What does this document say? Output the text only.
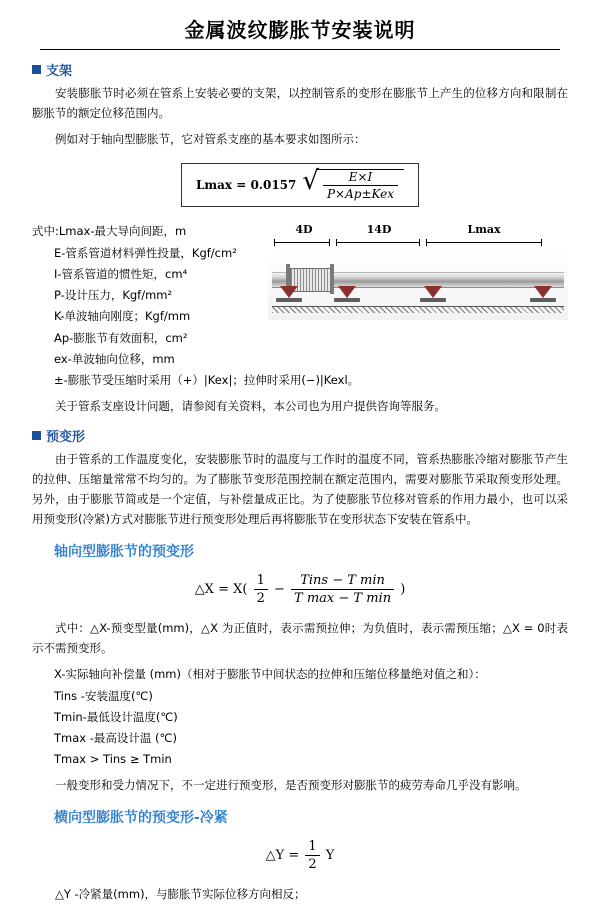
金属波纹膨胀节安装说明
支架

安装膨胀节时必须在管系上安装必要的支架，以控制管系的变形在膨胀节上产生的位移方向和限制在膨胀节的额定位移范围内。

例如对于轴向型膨胀节，它对管系支座的基本要求如图所示：

Lmax = 0.0157 √
$\frac{E\times I}{\text{P×Ap±Kex}}$
4D	14D	Lmax
式中:Lmax-最大导向间距，m
E-管系管道材料弹性投量，Kgf/cm²
I-管系管道的惯性矩，cm⁴
P-设计压力，Kgf/mm²
K-单波轴向刚度；Kgf/mm
Ap-膨胀节有效面积，cm²
ex-单波轴向位移，mm
±-膨胀节受压缩时采用（+）|Kex|；拉伸时采用(−)|Kexl。

关于管系支座设计问题，请参阅有关资料，本公司也为用户提供咨询等服务。

预变形

由于管系的工作温度变化，安装膨胀节时的温度与工作时的温度不同，管系热膨胀冷缩对膨胀节产生的拉伸、压缩量常常不均匀的。为了膨胀节变形范围控制在额定范围内，需要对膨胀节采取预变形处理。另外，由于膨胀节简或是一个定值，与补偿量成正比。为了使膨胀节位移对管系的作用力最小，也可以采用预变形(冷紧)方式对膨胀节进行预变形处理后再将膨胀节在变形状态下安装在管系中。

轴向型膨胀节的预变形
△X = $X( \frac{1}{2}$ −
Tins − T min
T max − T min
)

式中：△X-预变型量(mm)，△X 为正值时，表示需预拉伸；为负值时，表示需预压缩；△X = 0时表示不需预变形。

X-实际轴向补偿量 (mm)（相对于膨胀节中间状态的拉伸和压缩位移量绝对值之和）：
Tins -安装温度(℃)
Tmin-最低设计温度(℃)
Tmax -最高设计温 (℃)
Tmax > Tins ≥ Tmin

一般变形和受力情况下，不一定进行预变形，是否预变形对膨胀节的疲劳寿命几乎没有影响。

横向型膨胀节的预变形-冷紧
△Y = $\frac{1}{2}$ Y

△Y -冷紧量(mm)，与膨胀节实际位移方向相反；
